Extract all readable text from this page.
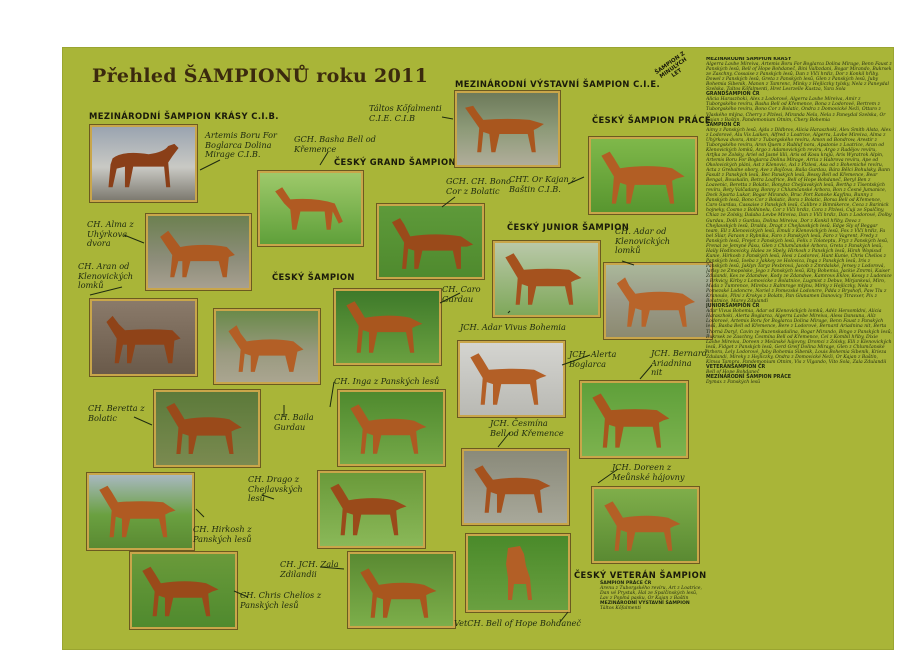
Přehled ŠAMPIONŮ roku 2011
ŠAMPION Z MINULÝCH LET
MEZINÁRODNÍ ŠAMPION KRÁSY C.I.B.
MEZINÁRODNÍ VÝSTAVNÍ ŠAMPION C.I.E.
ČESKÝ ŠAMPION PRÁCE
ČESKÝ GRAND ŠAMPION
ČESKÝ JUNIOR ŠAMPION
ČESKÝ ŠAMPION
ČESKÝ VETERÁN ŠAMPION
Artemis Boru For
Boglarca Dolina
Mirage C.I.B.
GCH. Basha Bell od
Křemence
Táltos Kőfalmenti
C.I.E. C.I.B
GCH. CH. Bono
Cor z Bolatic
CHT. Or Kajan z
Baštin C.I.B.
CH. Alma z
Uhýrkova
dvora
CH. Aran od
Klenovických
lomků
CH. Adar od
Klenovických
lomků
CH. Caro
Gurdau
JCH. Adar Vivus Bohemia
JCH. Alerta
Boglarca
JCH. Bernard
Ariadnina
nit
CH. Inga z Panských lesů
CH. Beretta z
Bolatic	CH. Baila
Gurdau	JCH. Česmína
Bell od Křemence
JCH. Doreen z
Meůnské hájovny
CH. Drago z
Chejlavských
lesů
CH. Hirkosh z
Panských lesů
CH. JCH. Zala
Zdilandii
CH. Chris Chelios z
Panských lesů
VetCH. Bell of Hope Bohdaneč
MEZINÁRODNÍ ŠAMPION KRÁSY
Algerra Lavbe Mireiva, Artemis Boru For Boglarca Dolina Mirage, Benn Faust z Panských lesů, Bell of Hope Bohdaneč, Bini Valbzdani, Bogar Mirando, Bukrsek ze Zaschny, Cossaise z Panských lesů, Dan z Vlčí hrdiz, Dor z Konkil hřiby, Dowel z Panských lesů, Greta z Panských lesů, Glen z Panských lesů, Juby Bohemia Sibenik, Manon z Tamrenc, Minky z Hejliczky tylsky, Nela z Paneydal Szelska, Taltos Kőfalmenti, Hret Lesrzelle Kustza, Yara Sola
GRANDŠAMPION ČR
Alicia Haraszhoki, Alex z Lodorové, Algerra Lavbe Mireiva, Amir z Tuborgského revíru, Basha Bell od Křemence, Bona z Lodorové, Bertrem z Tuborgského revíru, Bono Cor z Bolatic, Ondra z Domovické Neži, Ottaro z Vlaského mlýna, Cherry z Plzlesi, Miranda Nela, Nela z Paneydal Szelska, Or Kajan z Baštin, Pandemonium Otnim, Chery Bohemia
ŠAMPION ČR
Aimy z Panských lesů, Ajda z Dldbrov, Alicia Haraszhoki, Alex Smith Alsta, Alex z Lodorové, Alu Vis Laiken, Alfred z Loatrice, Algerra, Lavbe Mireiva, Alma z Uhýrkova dvora, Amir z Tuborgského revíru, Amon od Bondrow, Arestir z Tuborgského revíru, Aron Quem z Rubluf nora, Apatonie z Loatrice, Aran od Klenovických lomků, Argo z Adamovických revíru, Argo z Radějov revíru, Artjka ze Zolsky, Ariel od Jasné lilii, Aris od Kosu krajů, Aris Wyratrok Alpin, Artemis Boru For Boglarca Dolina Mirage, Arria z Habrova revíru, Ape od Okolovických pláni, Ast z Klenovic, Axl z Plzlesi, Asa od z Bohemiché revíru, Acta z Grebalne obory, Ave z Bojčova, Baila Gurdau, Bára Bělci Bohulsky, Bann Fasult z Panských lesů, Bec Panských lesů, Bessy Bell od Křemence, Bear Bengal, Bouskalin, Betra Loafrice, Bell of Hope Bohdaneč, Beryl Ben z Loavenic, Beretta z Bolatic, Bonytsz Chejlavských lesů, Bertha z Tisentských revíru, Bety Valčadany, Bonny z Chlumčanské Arbora, Bon z Česné Jumanice, Dock Sparta Lukar, Bogar Mirando, Bruc Port Ranoke Kayfinu, Bunny z Panských lesů, Bono Cor z Bolatic, Bora z Bolatic, Borsa Bell od Křemence, Caro Gurdau, Cassaise z Panských lesů, Calibre z Bimnikerce, Ceca z Barinick hojneky, Cosmo z Bolhinelu, Cor z Vlčí hrdiz, Cora z Plzlesi, Cuji ze Spalčiny, Chiaz ze Zolsky, Dalaba Levbe Mireiva, Dan z Vlčí hrdiz, Dan z Lodorové, Dolby Gurdau, Dolli z Gurdau, Dolina Mireiva, Dor z Konkil hřiby, Dova z Chejlavských lesů, Dralda, Dragt z Chejlavských lesů, Edge Sly of Beggar team, Ell z Klenovických lesů, Emuli z Klenovických lesů, Fox z Vlčí hrdiz, Fa bel Sliar, Faraon z Rybníka, Faro z Panských lesů, Faro z Vagrent, Fredy z Panských lesů, Frejet z Panských lesů, Felix z Toloteptu, Fryz z Panských lesů, Frenal ze Jemyné Pásu, Glen z Chlumčanské Arbora, Greta z Panských lesů, Haily Hodinovicky, Halea ze Sbely, Hirkosh z Panských lesů, Hirsh Wopisxd Kunie, Hirkosh z Panských lesů, Hesi z Lodoroví, Hunt Kunie, Chris Chelios z Panských lesů, Ioeba z Jakkey ze Holovica, Inga z Panských lesů, Iris z Panských lesů, Jaklyn Taryz Pexbrová, Jacob z Zmrdalské, Jersey z Lodorová, Jarlsy ze Zmopolske, Jego z Panských lesů, Kity Bohemia, Jackie Zmrmi, Kaiser Zdulandi, Kes ze Zdandwe, Kody ze Zdandwe, Kamrovs Eklov, Kessy z Ludonice z Brkvicy, Kirby z Lomovicke z Bolatnice, Lugmist z Debuv, Mirjankeui, Miro, Mada z Tumrence, Mirebu z Ralmroge mlýnu, Mirky z Hejliczky, Nela z Pomezské Lodoncre, Noriel z Pomezské Lodoncre, Pdda z Bryshofi, Paw Tlu z Kranoulo, Plini z Krokys z Bolatn, Pan Glunamen Danovicy Ttravxer, Pix z Bolatnice, Marey Zdulandi
JUNIORŠAMPION ČR
Adar Vivus Bohemia, Adar od Klenovických lomků, Adéz Hersomldni, Alicia Haraszhoki, Alerta Boglarca, Algerra Lavbe Mireiva, Aless Dansuna, Alíz Lodorové, Artemis Boru for Boglarca Dolina Mirage, Benn Faust z Panských lesů, Basha Bell od Křemence, Bere z Lodorové, Bernard Ariadnina nit, Berta Thorná Daryl, Cavin ze Ruzenskadalina, Bogar Mirando, Bingo z Panských lesů, Bukrsek ze Zaschny, Česmína Bell od Křemence, Cel z Kombil hřiby, Dixie Lavbe Mireiva, Doreen z Meůnské hájovny, Dromci z Zolsky, Elli z Klenovických lesů, Fidget z Panských lesů, Gerd Greif Dolina Mirage, Glen z Chlumčanské Arbora, Lely Lodorové, Juby Bohemia Sibenik, Louis Bohemia Sibenik, Krieza Zdulandi, Mireky z Hejliczky, Ondra z Domovické Neži, Or Kajan z Baštin, Kimsa Tampra, Pandemonium Otnim, Vis z Vlgando, Vito Sola, Zala Zdulandii
VETERÁNŠAMPION ČR
Bell of Hope Bohdaneč
MEZINÁRODNÍ ŠAMPION PRÁCE
Dymax z Panských lesů
ŠAMPION PRÁCE ČR
Arenu z Tuborgského revíru, Art z Loatrice, Dan vé Prystak, Hal ze Spalčinských lesů, Lav z Poplná pasku, Or Kajan z Baštin
MEZINÁRODNÍ VÝSTAVNÍ ŠAMPION
Táltos Kőfalmenti
